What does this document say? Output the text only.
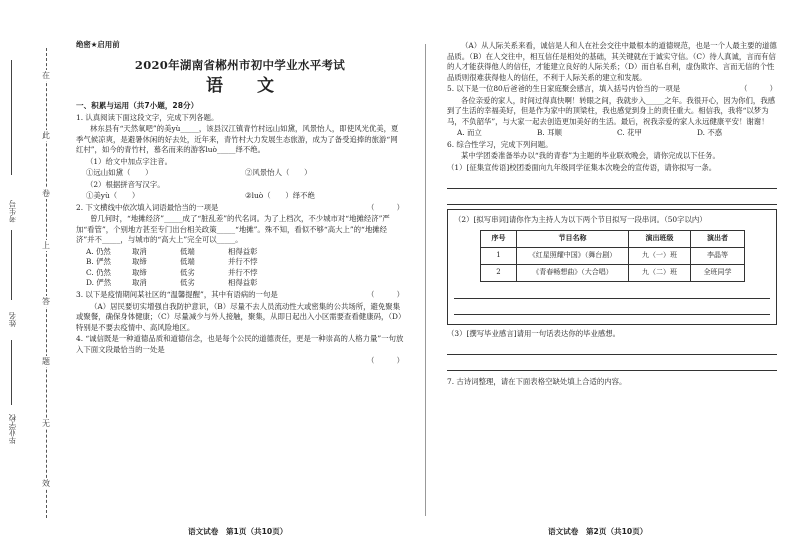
在
此
卷
上
答
题
无
效
考生号
姓名
毕业学校
绝密★启用前
2020年湖南省郴州市初中学业水平考试
语 文
一、积累与运用（共7小题，28分）

1. 认真阅读下面这段文字，完成下列各题。

林东县有“天然氧吧”的美yù_____，该县汉江镇青竹村远山如黛，风景怡人，即使风光优美，夏季气候凉爽，是避暑休闲的好去处，近年来，青竹村大力发展生态旅游，成为了备受追捧的旅游“网红村”，如今的青竹村，慕名而来的游客luò_____绎不绝。

（1）给文中加点字注音。

①远山如黛（　　）	②风景怡人（　　）

（2）根据拼音写汉字。

①美yù（　　）	②luò（　　）绎不绝

2. 下文横线中依次填入词语最恰当的一项是	（　　　）

曾几何时，“地摊经济”_____成了“脏乱差”的代名词。为了上档次，不少城市对“地摊经济”严加“看管”，个别地方甚至专门出台相关政策_____“地摊”。殊不知，看似不够“高大上”的“地摊经济”并不_____，与城市的“高大上”完全可以_____。

A. 仍然	取消	低端	相得益彰
B. 俨然	取缔	低端	并行不悖
C. 仍然	取缔	低劣	并行不悖
D. 俨然	取消	低劣	相得益彰

3. 以下是疫情期间某社区的“温馨提醒”，其中有语病的一句是	（　　　）

（A）居民要切实增强自我防护意识，（B）尽量不去人员流动性大或密集的公共场所，避免聚集或聚餐，确保身体健康；（C）尽量减少与外人接触，聚集，从即日起出入小区需要查看健康码，（D）特别是不要去疫情中、高风险地区。

4. “诚信既是一种道德品质和道德信念，也是每个公民的道德责任，更是一种崇高的人格力量”一句放入下面文段最恰当的一处是

（　　　）

（A）从人际关系来看，诚信是人和人在社会交往中最根本的道德规范，也是一个人最主要的道德品质。（B）在人交往中，相互信任是相处的基础，其关键就在于诚实守信。（C）待人真诚，言而有信的人才能获得他人的信任，才能建立良好的人际关系；（D）而自私自利，虚伪欺诈、言而无信的个性品质则很难获得他人的信任，不利于人际关系的建立和发展。

5. 以下是一位80后爸爸的生日家庭聚会感言，填入括号内恰当的一项是	（　　　）

各位亲爱的家人，时间过得真快啊！转眼之间，我就步入_____之年。我很开心，因为你们，我感到了生活的幸福美好，但是作为家中的顶梁柱，我也感觉到身上的责任重大。相信我，我将“以梦为马，不负韶华”，与大家一起去创造更加美好的生活。最后，祝我亲爱的家人永远健康平安！谢谢！

A. 而立	B. 耳顺	C. 花甲	D. 不惑

6. 综合性学习，完成下列问题。

某中学团委准备举办以“我的青春”为主题的毕业联欢晚会，请你完成以下任务。

（1）[征集宣传语]校团委面向九年级同学征集本次晚会的宣传语，请你拟写一条。

（2）[拟写串词]请你作为主持人为以下两个节目拟写一段串词。（50字以内）

序号	节目名称	演出班级	演出者
1	《红星照耀中国》（舞台剧）	九（一）班	李晶等
2	《青春畅想曲》（大合唱）	九（二）班	全班同学

（3）[撰写毕业感言]请用一句话表达你的毕业感想。

7. 古诗词整理，请在下面表格空缺处填上合适的内容。

语文试卷　第1页（共10页）	语文试卷　第2页（共10页）
